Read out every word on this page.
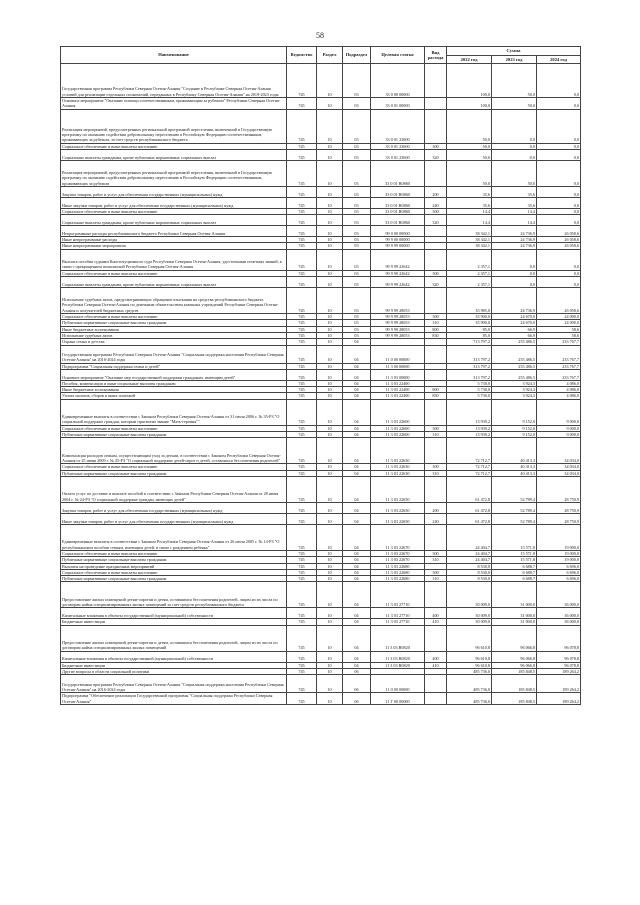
58
Наименование	Ведомство	Раздел	Подраздел	Целевая статья	Вид расхода	Сумма		
						2022 год	2023 год	2024 год
Государственная программа Республики Северная Осетия-Алания "Создание в Республике Северная Осетия-Алания условий для реализации отдельных полномочий, переданных в Республику Северная Осетия-Алания" на 2019-2023 годы	745	10	03	33 0 00 00000		100,0	50,0	0,0
Основное мероприятие "Оказание помощи соотечественникам, проживающим за рубежом" Республики Северная Осетия-Алания	745	10	03	33 0 01 00000		100,0	50,0	0,0
Реализация мероприятий, предусмотренных региональной программой переселения, включенной в Государственную программу по оказанию содействия добровольному переселению в Российскую Федерацию соотечественников, проживающих за рубежом, за счет средств республиканского бюджета	745	10	03	33 0 01 23600		50,0	0,0	0,0
Социальное обеспечение и иные выплаты населению	745	10	03	33 0 01 23600	300	50,0	0,0	0,0
Социальные выплаты гражданам, кроме публичных нормативных социальных выплат	745	10	03	33 0 01 23600	320	50,0	0,0	0,0
Реализация мероприятий, предусмотренных региональной программой переселения, включенной в Государственную программу по оказанию содействия добровольному переселению в Российскую Федерацию соотечественников, проживающих за рубежом	745	10	03	33 0 01 R0860		50,0	50,0	0,0
Закупка товаров, работ и услуг для обеспечения государственных (муниципальных) нужд	745	10	03	33 0 01 R0860	200	35,6	35,6	0,0
Иные закупки товаров, работ и услуг для обеспечения государственных (муниципальных) нужд	745	10	03	33 0 01 R0860	240	35,6	35,6	0,0
Социальное обеспечение и иные выплаты населению	745	10	03	33 0 01 R0860	300	14,4	14,4	0,0
Социальные выплаты гражданам, кроме публичных нормативных социальных выплат	745	10	03	33 0 01 R0860	320	14,4	14,4	0,0
Непрограммные расходы республиканского бюджета Республики Северная Осетия-Алания	745	10	03	99 0 00 00000		38 342,1	24 736,9	26 058,6
Иные непрограммные расходы	745	10	03	99 9 00 00000		38 342,1	24 736,9	26 058,6
Иные непрограммные мероприятия	745	10	03	99 9 99 00000		38 342,1	24 736,9	26 058,6
Выплата пособия судьями Конституционного суда Республики Северная Осетия-Алания, удостоенным почетных званий, в связи с прекращением полномочий Республики Северная Осетия-Алания	745	10	03	99 9 99 22642		2 357,1	0,0	0,0
Социальное обеспечение и иные выплаты населению	745	10	03	99 9 99 22642	300	2 357,1	0,0	0,0
Социальные выплаты гражданам, кроме публичных нормативных социальных выплат	745	10	03	99 9 99 22642	320	2 357,1	0,0	0,0
Исполнение судебных актов, предусматривающих обращение взыскания на средства республиканского бюджета Республики Северная Осетия-Алания по денежным обязательствам казенных учреждений Республики Северная Осетия-Алания и получателей бюджетных средств	745	10	03	99 9 99 28053		35 985,0	24 736,9	26 058,6
Социальное обеспечение и иные выплаты населению	745	10	03	99 9 99 28053	300	35 900,0	24 670,0	24 000,0
Публичные нормативные социальные выплаты гражданам	745	10	03	99 9 99 28053	310	35 900,0	24 670,0	24 000,0
Иные бюджетные ассигнования	745	10	03	99 9 99 28053	800	85,0	66,9	58,6
Исполнение судебных актов	745	10	03	99 9 99 28053	830	85,0	66,9	58,6
Охрана семьи и детства	745	10	04			713 797,2	255 486,5	233 767,7
Государственная программа Республики Северная Осетия-Алания "Социальная поддержка населения Республики Северная Осетия-Алания" на 2016-2024 годы	745	10	04	11 0 00 00000		313 797,2	255 486,5	233 767,7
Подпрограмма "Социальная поддержка семьи и детей"	745	10	04	11 3 00 00000		313 797,2	255 486,5	233 767,7
Основное мероприятие "Оказание мер государственной поддержки гражданам, имеющим детей"	745	10	04	11 3 03 00000		313 797,2	255 486,5	233 767,7
Пособия, компенсации и иные социальные выплаты гражданам	745	10	04	11 3 03 22400		5 730,0	3 924,3	4 086,0
Иные бюджетные ассигнования	745	10	04	11 3 03 22400	800	5 730,0	3 924,3	4 086,0
Уплата налогов, сборов и иных платежей	745	10	04	11 3 03 22400	850	5 730,0	3 924,3	4 086,0
Единовременные выплаты в соответствии с Законом Республики Северная Осетия-Алания от 31 июля 2006 г. № 35-РЗ "О социальной поддержке граждан, которым присвоено звание "Мать-героиня""	745	10	04	11 3 03 22600		13 939,2	9 152,0	9 000,0
Социальное обеспечение и иные выплаты населению	745	10	04	11 3 03 22600	300	13 939,2	9 152,0	9 000,0
Публичные нормативные социальные выплаты гражданам	745	10	04	11 3 03 22600	310	13 939,2	9 152,0	9 000,0
Компенсация расходов семьям, осуществляющим уход за детьми, в соответствии с Законом Республики Северная Осетия-Алания от 25 июня 2009 г. № 25-РЗ "О социальной поддержке детей-сирот и детей, оставшихся без попечения родителей"	745	10	04	11 3 03 22630		72 712,7	40 413,3	34 034,0
Социальное обеспечение и иные выплаты населению	745	10	04	11 3 03 22630	300	72 712,7	40 413,3	34 034,0
Публичные нормативные социальные выплаты гражданам	745	10	04	11 3 03 22630	310	72 712,7	40 413,3	34 034,0
Оплата услуг по доставке и выплате пособий в соответствии с Законом Республики Северная Осетия-Алания от 28 июня 2004 г. № 24-РЗ "О социальной поддержке граждан, имеющих детей"	745	10	04	11 3 03 22650		61 472,8	52 789,4	28 750,9
Закупка товаров, работ и услуг для обеспечения государственных (муниципальных) нужд	745	10	04	11 3 03 22650	200	61 472,8	52 789,4	28 750,9
Иные закупки товаров, работ и услуг для обеспечения государственных (муниципальных) нужд	745	10	04	11 3 03 22650	240	61 472,8	52 789,4	28 750,9
Единовременные выплаты в соответствии с Законом Республики Северная Осетия-Алания от 26 июля 2005 г. № 14-РЗ "О республиканском пособии семьям, имеющим детей, в связи с рождением ребенка"	745	10	04	11 3 03 22670		24 404,7	15 571,8	19 000,0
Социальное обеспечение и иные выплаты населению	745	10	04	11 3 03 22670	300	24 404,7	15 571,8	19 000,0
Публичные нормативные социальные выплаты гражданам	745	10	04	11 3 03 22670	310	24 404,7	15 571,8	19 000,0
Выплаты на проведение праздничных мероприятий	745	10	04	11 3 03 22680		8 530,0	6 688,7	6 696,0
Социальное обеспечение и иные выплаты населению	745	10	04	11 3 03 22680	300	8 530,0	6 688,7	6 696,0
Публичные нормативные социальные выплаты гражданам	745	10	04	11 3 03 22680	310	8 530,0	6 688,7	6 696,0
Предоставление жилых помещений детям-сиротам и детям, оставшимся без попечения родителей, лицам из их числа по договорам найма специализированных жилых помещений за счет средств республиканского бюджета	745	10	04	11 3 03 27710		30 009,0	31 000,0	36 000,0
Капитальные вложения в объекты государственной (муниципальной) собственности	745	10	04	11 3 03 27710	400	30 009,0	31 000,0	36 000,0
Бюджетные инвестиции	745	10	04	11 3 03 27710	410	30 009,0	31 000,0	36 000,0
Предоставление жилых помещений детям-сиротам и детям, оставшимся без попечения родителей, лицам из их числа по договорам найма специализированных жилых помещений	745	10	04	11 3 03 R0820		96 610,8	96 066,8	96 078,8
Капитальные вложения в объекты государственной (муниципальной) собственности	745	10	04	11 3 03 R0820	400	96 610,8	96 066,8	96 078,8
Бюджетные инвестиции	745	10	04	11 3 03 R0820	410	96 610,8	96 066,8	96 078,8
Другие вопросы в области социальной политики	745	10	06			485 736,0	185 848,5	189 264,2
Государственная программа Республики Северная Осетия-Алания "Социальная поддержка населения Республики Северная Осетия-Алания" на 2016-2024 годы	745	10	06	11 0 00 00000		485 736,0	185 848,5	189 264,2
Подпрограмма "Обеспечение реализации Государственной программы "Социальная поддержка Республики Северная Осетия-Алания"	745	10	06	11 Г 00 00000		485 736,0	185 848,5	189 264,2
